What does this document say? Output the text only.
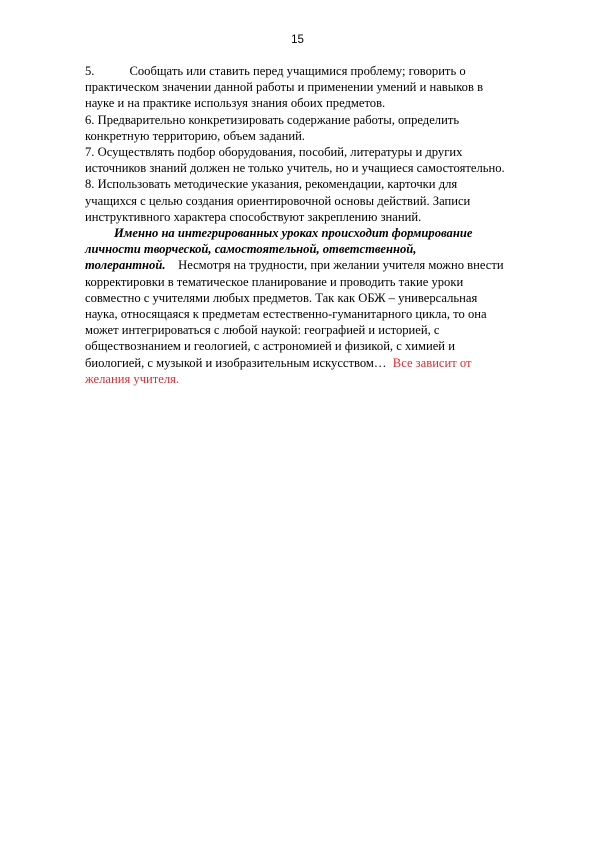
15
5.	Сообщать или ставить перед учащимися проблему; говорить о
практическом значении данной работы и применении умений и навыков в
науке и на практике используя знания обоих предметов.
6. Предварительно конкретизировать содержание работы, определить
конкретную территорию, объем заданий.
7. Осуществлять подбор оборудования, пособий, литературы и других
источников знаний должен не только учитель, но и учащиеся самостоятельно.
8. Использовать методические указания, рекомендации, карточки для
учащихся с целью создания ориентировочной основы действий. Записи
инструктивного характера способствуют закреплению знаний.
Именно на интегрированных уроках происходит формирование
личности творческой, самостоятельной, ответственной,
толерантной.    Несмотря на трудности, при желании учителя можно внести
корректировки в тематическое планирование и проводить такие уроки
совместно с учителями любых предметов. Так как ОБЖ – универсальная
наука, относящаяся к предметам естественно-гуманитарного цикла, то она
может интегрироваться с любой наукой: географией и историей, с
обществознанием и геологией, с астрономией и физикой, с химией и
биологией, с музыкой и изобразительным искусством…  Все зависит от
желания учителя.
